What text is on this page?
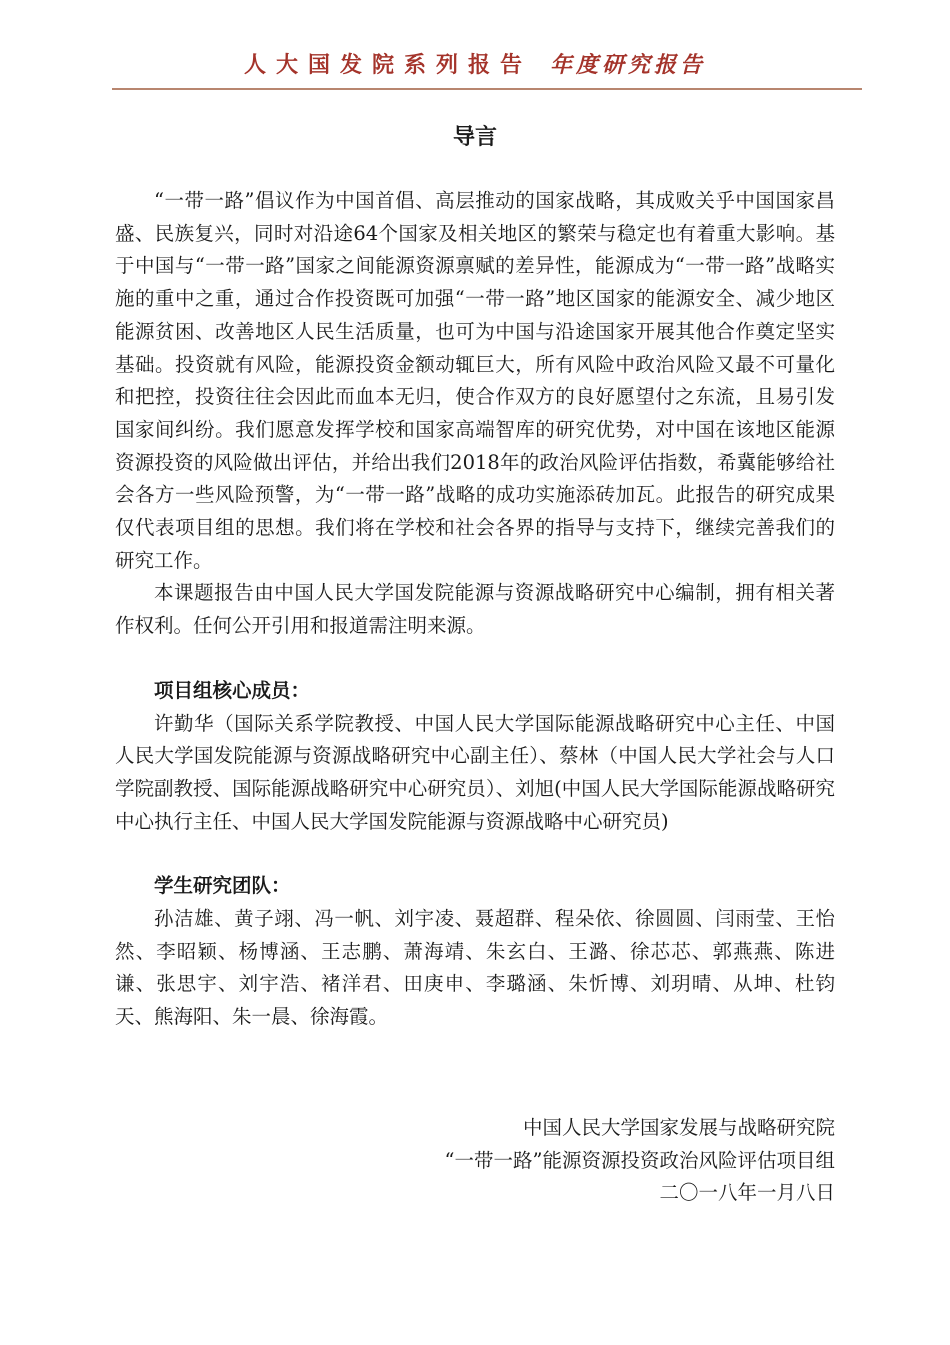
人大国发院系列报告 年度研究报告
导言

“一带一路”倡议作为中国首倡、高层推动的国家战略，其成败关乎中国国家昌盛、民族复兴，同时对沿途64个国家及相关地区的繁荣与稳定也有着重大影响。基于中国与“一带一路”国家之间能源资源禀赋的差异性，能源成为“一带一路”战略实施的重中之重，通过合作投资既可加强“一带一路”地区国家的能源安全、减少地区能源贫困、改善地区人民生活质量，也可为中国与沿途国家开展其他合作奠定坚实基础。投资就有风险，能源投资金额动辄巨大，所有风险中政治风险又最不可量化和把控，投资往往会因此而血本无归，使合作双方的良好愿望付之东流，且易引发国家间纠纷。我们愿意发挥学校和国家高端智库的研究优势，对中国在该地区能源资源投资的风险做出评估，并给出我们2018年的政治风险评估指数，希冀能够给社会各方一些风险预警，为“一带一路”战略的成功实施添砖加瓦。此报告的研究成果仅代表项目组的思想。我们将在学校和社会各界的指导与支持下，继续完善我们的研究工作。

本课题报告由中国人民大学国发院能源与资源战略研究中心编制，拥有相关著作权利。任何公开引用和报道需注明来源。

项目组核心成员：

许勤华（国际关系学院教授、中国人民大学国际能源战略研究中心主任、中国人民大学国发院能源与资源战略研究中心副主任）、蔡林（中国人民大学社会与人口学院副教授、国际能源战略研究中心研究员）、刘旭(中国人民大学国际能源战略研究中心执行主任、中国人民大学国发院能源与资源战略中心研究员)

学生研究团队：

孙洁雄、黄子翊、冯一帆、刘宇凌、聂超群、程朵依、徐圆圆、闫雨莹、王怡然、李昭颖、杨博涵、王志鹏、萧海靖、朱玄白、王潞、徐芯芯、郭燕燕、陈进谦、张思宇、刘宇浩、褚洋君、田庚申、李璐涵、朱忻博、刘玥晴、从坤、杜钧天、熊海阳、朱一晨、徐海霞。

中国人民大学国家发展与战略研究院
“一带一路”能源资源投资政治风险评估项目组
二〇一八年一月八日
